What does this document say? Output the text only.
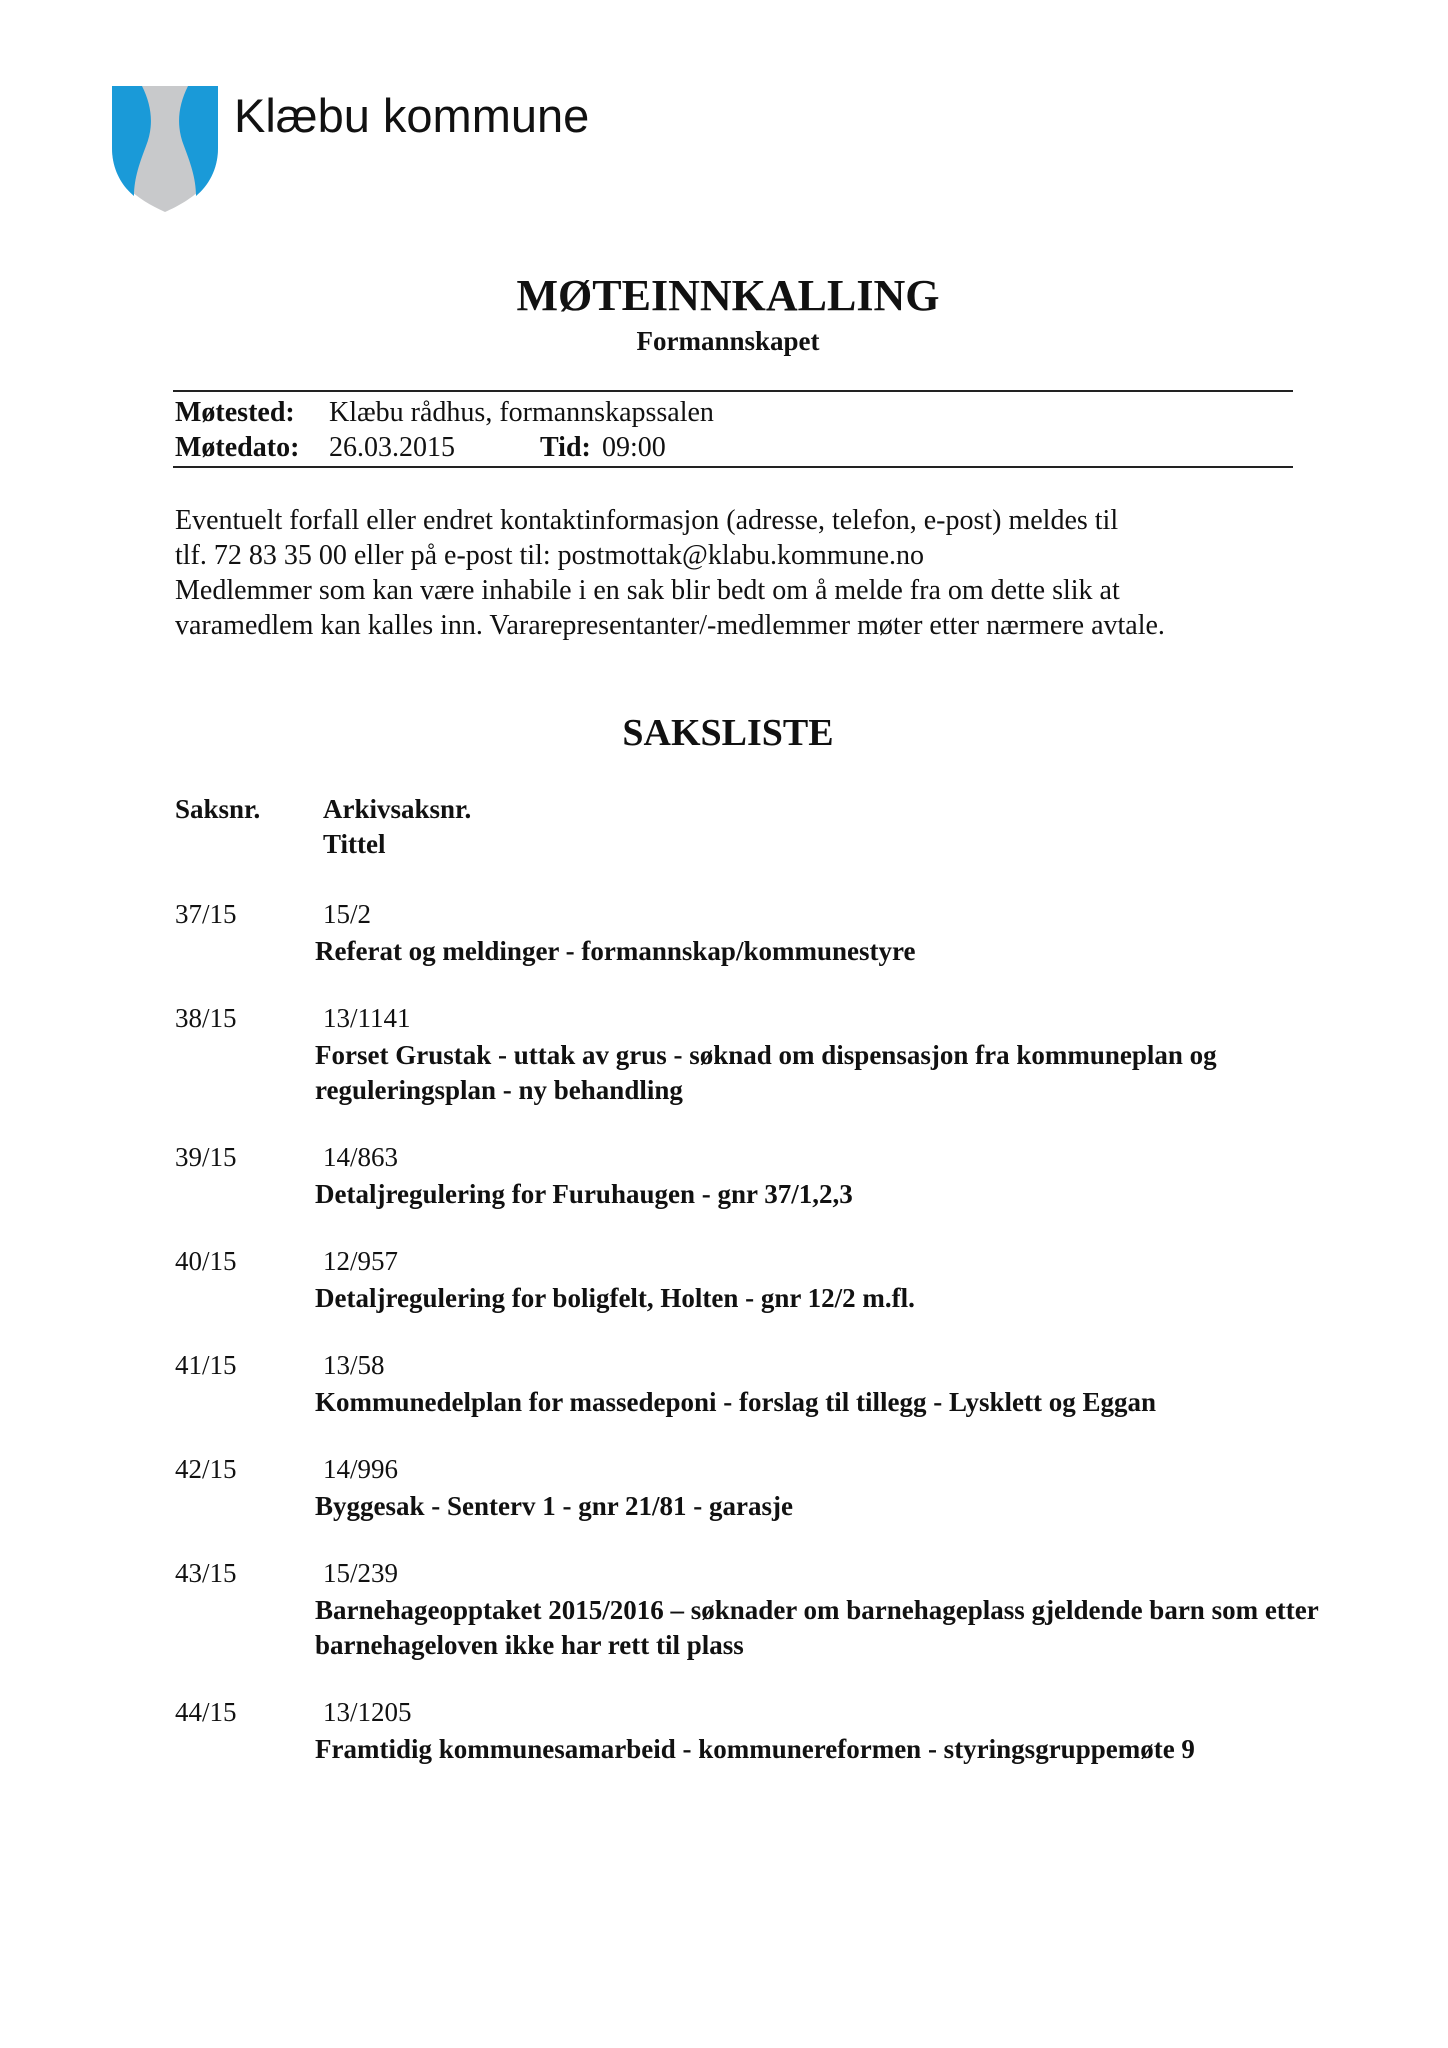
Klæbu kommune
MØTEINNKALLING
Formannskapet
Møtested: Klæbu rådhus, formannskapssalen
Møtedato: 26.03.2015	Tid: 09:00

Eventuelt forfall eller endret kontaktinformasjon (adresse, telefon, e-post) meldes til

tlf. 72 83 35 00 eller på e-post til: postmottak@klabu.kommune.no

Medlemmer som kan være inhabile i en sak blir bedt om å melde fra om dette slik at

varamedlem kan kalles inn. Vararepresentanter/-medlemmer møter etter nærmere avtale.

SAKSLISTE
Saksnr. Arkivsaksnr.
Tittel
37/15	15/2
Referat og meldinger - formannskap/kommunestyre
38/15	13/1141
Forset Grustak - uttak av grus - søknad om dispensasjon fra kommuneplan og reguleringsplan - ny behandling
39/15	14/863
Detaljregulering for Furuhaugen - gnr 37/1,2,3
40/15	12/957
Detaljregulering for boligfelt, Holten - gnr 12/2 m.fl.
41/15	13/58
Kommunedelplan for massedeponi - forslag til tillegg - Lysklett og Eggan
42/15	14/996
Byggesak - Senterv 1 - gnr 21/81 - garasje
43/15	15/239
Barnehageopptaket 2015/2016 – søknader om barnehageplass gjeldende barn som etter barnehageloven ikke har rett til plass
44/15	13/1205
Framtidig kommunesamarbeid - kommunereformen - styringsgruppemøte 9
